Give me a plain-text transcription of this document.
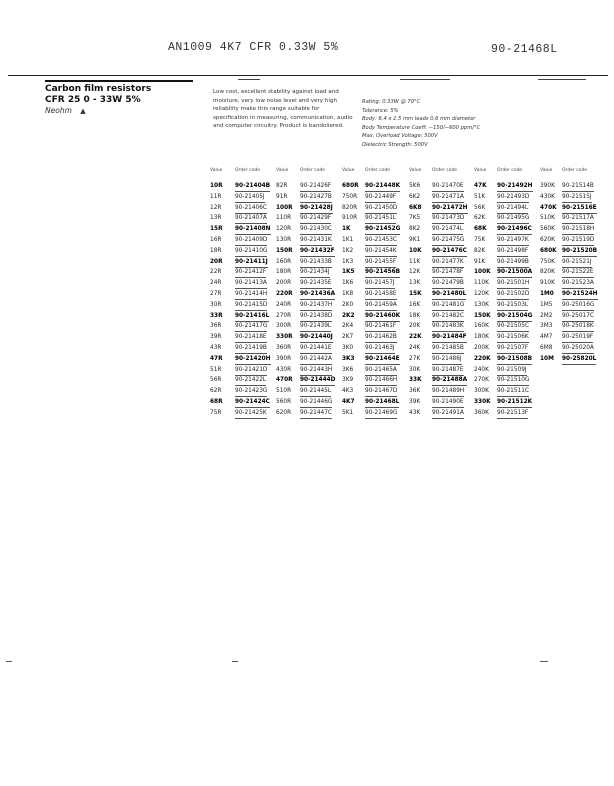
AN1009 4K7 CFR 0.33W 5%	90-21468L
Carbon film resistors
CFR 25 0 - 33W 5%
Neohm ▲
Low cost, excellent stability against load and moisture, very low noise level and very high reliability make this range suitable for specification in measuring, communication, audio and computer circuitry. Product is bandoliered.
Rating: 0.33W @ 70°C
Tolerance: 5%
Body: 6.4 x 2.5 mm leads 0.6 mm diameter
Body Temperature Coeff: −150/−600 ppm/°C
Max. Overload Voltage: 500V
Dielectric Strength: 500V
Value	Order code
10R 90-21404B
11R 90-21405J
12R 90-21406C
13R 90-21407A
15R 90-21408N
16R 90-21409D
18R 90-21410G
20R 90-21411J
22R 90-21412F
24R 90-21413A
27R 90-21414H
30R 90-21415D
33R 90-21416L
36R 90-21417G
39R 90-21418E
43R 90-21419B
47R 90-21420H
51R 90-21421D
56R 90-21422L
62R 90-21423G
68R 90-21424C
75R 90-21425K
Value	Order code
82R 90-21426F
91R 90-21427B
100R 90-21428J
110R 90-21429F
120R 90-21430C
130R 90-21431K
150R 90-21432F
160R 90-21433B
180R 90-21434J
200R 90-21435E
220R 90-21436A
240R 90-21437H
270R 90-21438D
300R 90-21439L
330R 90-21440J
360R 90-21441E
390R 90-21442A
430R 90-21443H
470R 90-21444D
510R 90-21445L
560R 90-21446G
620R 90-21447C
Value Order code
680R 90-21448K
750R 90-21449F
820R 90-21450D
910R 90-21451L
1K 90-21452G
1K1 90-21453C
1K2 90-21454K
1K3 90-21455F
1K5 90-21456B
1K6 90-21457J
1K8 90-21458E
2K0 90-21459A
2K2 90-21460K
2K4 90-21461F
2K7 90-21462B
3K0 90-21463J
3K3 90-21464E
3K6 90-21465A
3K9 90-21466H
4K3 90-21467D
4K7 90-21468L
5K1 90-21469G
Value Order code
5K6 90-21470E
6K2 90-21471A
6K8 90-21472H
7K5 90-21473D
8K2 90-21474L
9K1 90-21475G
10K 90-21476C
11K 90-21477K
12K 90-21478F
13K 90-21479B
15K 90-21480L
16K 90-21481G
18K 90-21482C
20K 90-21483K
22K 90-21484F
24K 90-21485B
27K 90-21486J
30K 90-21487E
33K 90-21488A
36K 90-21489H
39K 90-21490E
43K 90-21491A
Value Order code
47K 90-21492H
51K 90-21493D
56K 90-21494L
62K 90-21495G
68K 90-21496C
75K 90-21497K
82K 90-21498F
91K 90-21499B
100K 90-21500A
110K 90-21501H
120K 90-21502D
130K 90-21503L
150K 90-21504G
160K 90-21505C
180K 90-21506K
200K 90-21507F
220K 90-21508B
240K 90-21509J
270K 90-21510G
300K 90-21511C
330K 90-21512K
360K 90-21513F
Value Order code
390K 90-21514B
430K 90-21515J
470K 90-21516E
510K 90-21517A
560K 90-21518H
620K 90-21519D
680K 90-21520B
750K 90-21521J
820K 90-21522E
910K 90-21523A
1M0 90-21524H
1M5 90-25016G
2M2 90-25017C
3M3 90-25018K
4M7 90-25019F
6M8 90-25020A
10M 90-25820L
